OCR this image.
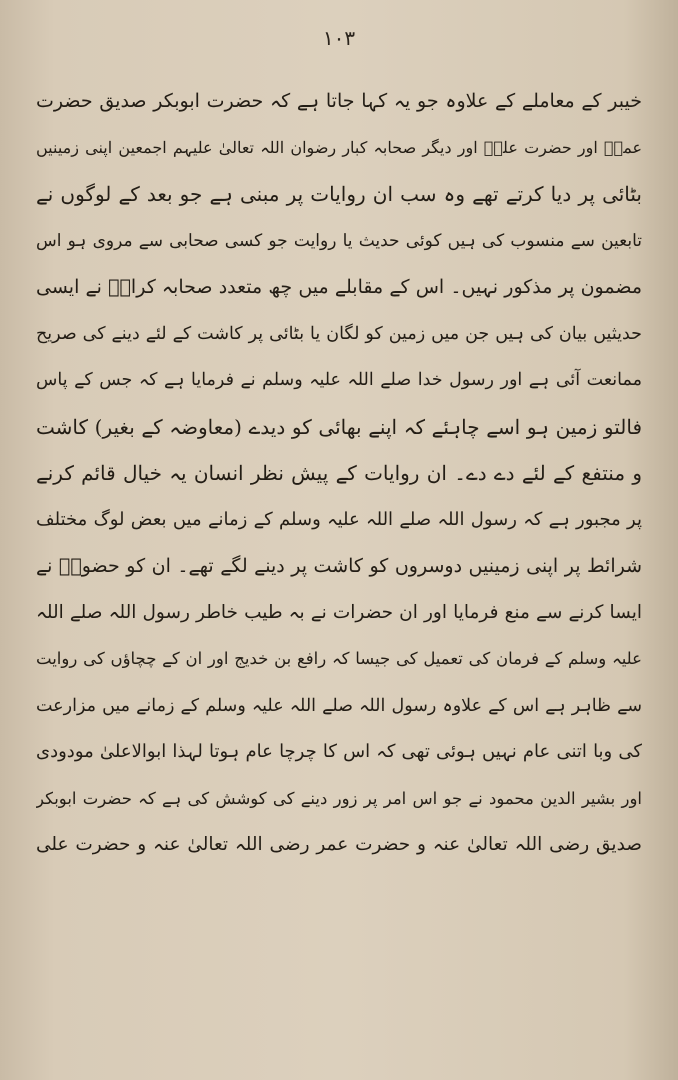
۱۰۳
خیبر کے معاملے کے علاوہ جو یہ کہا جاتا ہے کہ حضرت ابوبکر صدیق حضرت
عمرؓ اور حضرت علیؓ اور دیگر صحابہ کبار رضوان اللہ تعالیٰ علیہم اجمعین اپنی زمینیں
بٹائی پر دیا کرتے تھے وہ سب ان روایات پر مبنی ہے جو بعد کے لوگوں نے
تابعین سے منسوب کی ہیں کوئی حدیث یا روایت جو کسی صحابی سے مروی ہو اس
مضمون پر مذکور نہیں۔ اس کے مقابلے میں چھ متعدد صحابہ کرامؓ نے ایسی
حدیثیں بیان کی ہیں جن میں زمین کو لگان یا بٹائی پر کاشت کے لئے دینے کی صریح
ممانعت آئی ہے اور رسول خدا صلے اللہ علیہ وسلم نے فرمایا ہے کہ جس کے پاس
فالتو زمین ہو اسے چاہئے کہ اپنے بھائی کو دیدے (معاوضہ کے بغیر) کاشت
و منتفع کے لئے دے دے۔ ان روایات کے پیش نظر انسان یہ خیال قائم کرنے
پر مجبور ہے کہ رسول اللہ صلے اللہ علیہ وسلم کے زمانے میں بعض لوگ مختلف
شرائط پر اپنی زمینیں دوسروں کو کاشت پر دینے لگے تھے۔ ان کو حضورؐ نے
ایسا کرنے سے منع فرمایا اور ان حضرات نے بہ طیب خاطر رسول اللہ صلے اللہ
علیہ وسلم کے فرمان کی تعمیل کی جیسا کہ رافع بن خدیج اور ان کے چچاؤں کی روایت
سے ظاہر ہے اس کے علاوہ رسول اللہ صلے اللہ علیہ وسلم کے زمانے میں مزارعت
کی وبا اتنی عام نہیں ہوئی تھی کہ اس کا چرچا عام ہوتا لہذا ابوالاعلیٰ مودودی
اور بشیر الدین محمود نے جو اس امر پر زور دینے کی کوشش کی ہے کہ حضرت ابوبکر
صدیق رضی اللہ تعالیٰ عنہ و حضرت عمر رضی اللہ تعالیٰ عنہ و حضرت علی
